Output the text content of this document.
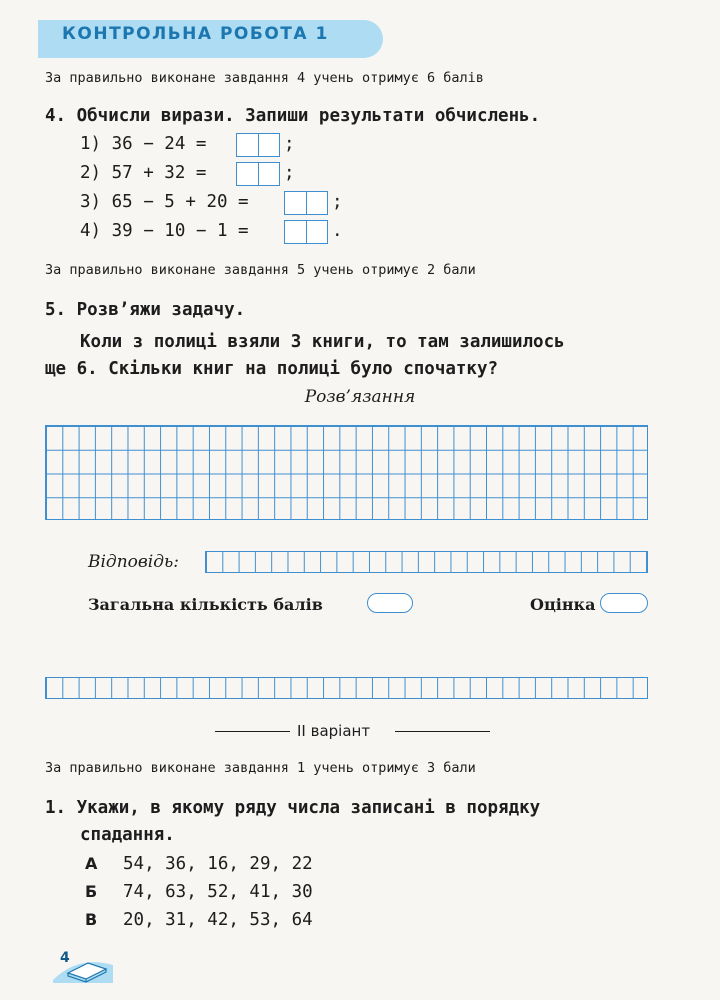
КОНТРОЛЬНА РОБОТА 1
За правильно виконане завдання 4 учень отримує 6 балів
4. Обчисли вирази. Запиши результати обчислень.
1) 36 − 24 =	;
2) 57 + 32 =	;
3) 65 − 5 + 20 =	;
4) 39 − 10 − 1 =	.
За правильно виконане завдання 5 учень отримує 2 бали
5. Розв’яжи задачу.
Коли з полиці взяли 3 книги, то там залишилось
ще 6. Скільки книг на полиці було спочатку?
Розв’язання
Відповідь:
Загальна кількість балів	Оцінка
II варіант
За правильно виконане завдання 1 учень отримує 3 бали
1. Укажи, в якому ряду числа записані в порядку
спадання.
А 54, 36, 16, 29, 22
Б 74, 63, 52, 41, 30
В 20, 31, 42, 53, 64
4
